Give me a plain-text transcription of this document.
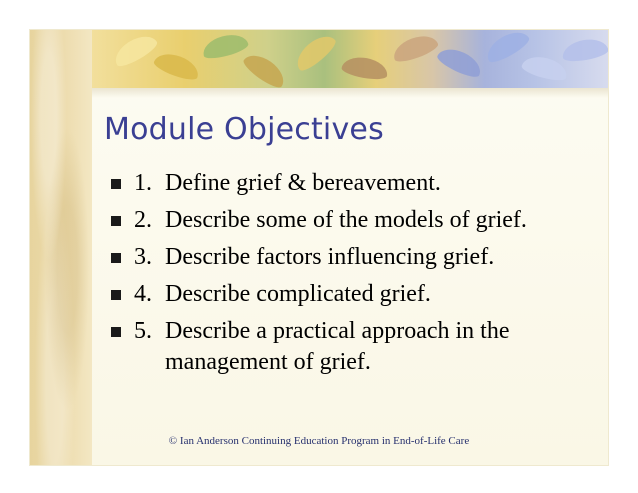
Module Objectives
1. Define grief & bereavement.
2. Describe some of the models of grief.
3. Describe factors influencing grief.
4. Describe complicated grief.
5. Describe a practical approach in the
management of grief.
© Ian Anderson Continuing Education Program in End-of-Life Care
